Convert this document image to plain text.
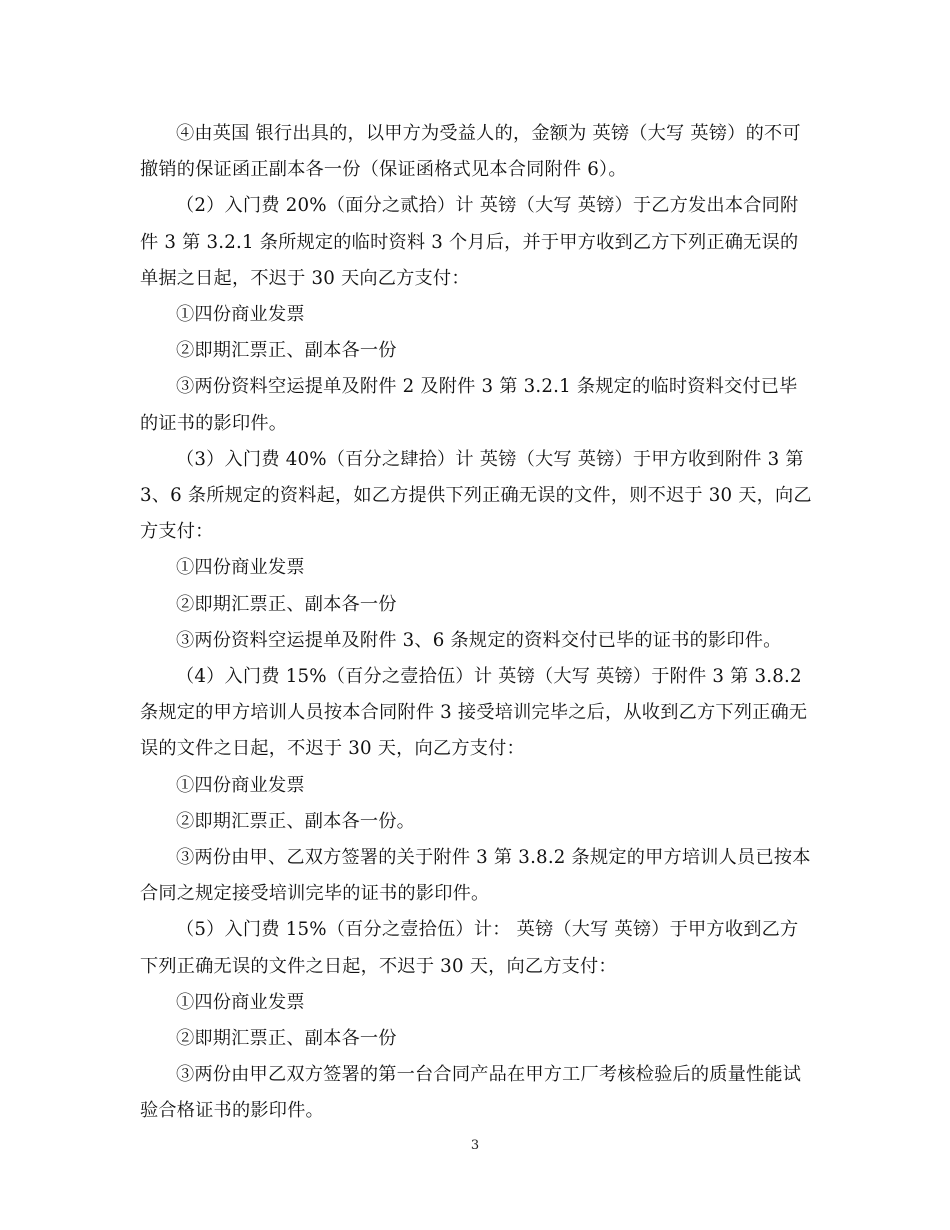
④由英国 银行出具的，以甲方为受益人的，金额为 英镑（大写 英镑）的不可撤销的保证函正副本各一份（保证函格式见本合同附件 6）。

（2）入门费 20%（面分之贰拾）计 英镑（大写 英镑）于乙方发出本合同附件 3 第 3.2.1 条所规定的临时资料 3 个月后，并于甲方收到乙方下列正确无误的单据之日起，不迟于 30 天向乙方支付：

①四份商业发票

②即期汇票正、副本各一份

③两份资料空运提单及附件 2 及附件 3 第 3.2.1 条规定的临时资料交付已毕的证书的影印件。

（3）入门费 40%（百分之肆拾）计 英镑（大写 英镑）于甲方收到附件 3 第 3、6 条所规定的资料起，如乙方提供下列正确无误的文件，则不迟于 30 天，向乙方支付：

①四份商业发票

②即期汇票正、副本各一份

③两份资料空运提单及附件 3、6 条规定的资料交付已毕的证书的影印件。

（4）入门费 15%（百分之壹拾伍）计 英镑（大写 英镑）于附件 3 第 3.8.2 条规定的甲方培训人员按本合同附件 3 接受培训完毕之后，从收到乙方下列正确无误的文件之日起，不迟于 30 天，向乙方支付：

①四份商业发票

②即期汇票正、副本各一份。

③两份由甲、乙双方签署的关于附件 3 第 3.8.2 条规定的甲方培训人员已按本合同之规定接受培训完毕的证书的影印件。

（5）入门费 15%（百分之壹拾伍）计： 英镑（大写 英镑）于甲方收到乙方下列正确无误的文件之日起，不迟于 30 天，向乙方支付：

①四份商业发票

②即期汇票正、副本各一份

③两份由甲乙双方签署的第一台合同产品在甲方工厂考核检验后的质量性能试验合格证书的影印件。

3
